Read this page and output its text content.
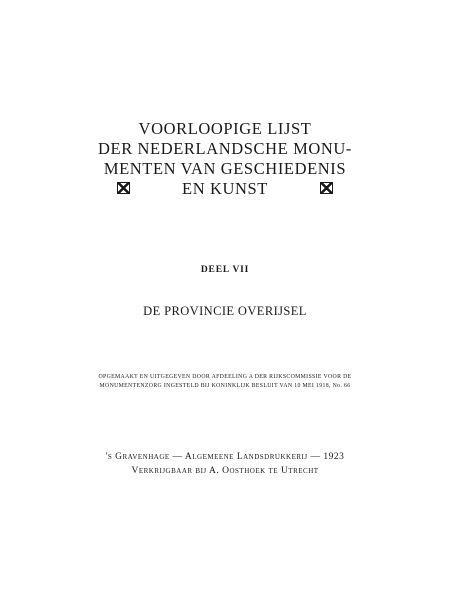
VOORLOOPIGE LIJST
DER NEDERLANDSCHE MONU-
MENTEN VAN GESCHIEDENIS
EN KUNST
DEEL VII
DE PROVINCIE OVERIJSEL
OPGEMAAKT EN UITGEGEVEN DOOR AFDEELING A DER RIJKSCOMMISSIE VOOR DE
MONUMENTENZORG INGESTELD BIJ KONINKLIJK BESLUIT VAN 10 MEI 1918, No. 66
's Gravenhage — Algemeene Landsdrukkerij — 1923
Verkrijgbaar bij A. Oosthoek te Utrecht
